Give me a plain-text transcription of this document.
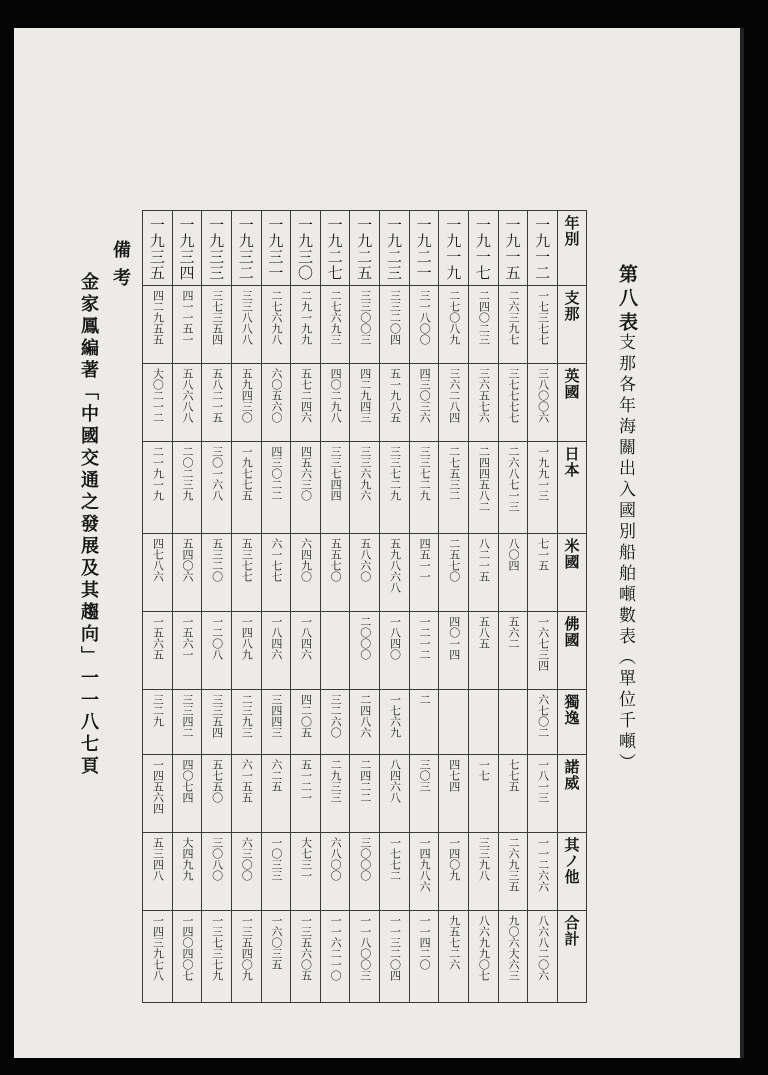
第八表
支那各年海關出入國別船舶噸數表（單位千噸）
一九三五	一九三四	一九三三	一九三二	一九三一	一九三〇	一九二七	一九二五	一九二三	一九二一	一九一九	一九一七	一九一五	一九一二	年別
四二九五五	四一一五一	三七三五四	三三八八八	二七六九八	二九一九九	二七六九三	三三〇〇三	三三二〇四	三一八〇〇	二七〇八九	二四〇二三	二六三九七	一七三七七	支那
大〇二一二	五八六八八	五八二一五	五九四三〇	六〇五六〇	五七二四六	四〇二九八	四二九四三	五一九八五	四三〇三六	三六二八四	三六五七六	三七七七七	三八〇〇六	英國
二一九一九	二〇二三九	三〇一六八	一九七七五	四三〇二二	四五六三〇	三三七四四	三三六九六	三三七二九	三三七二九	二七五三二	二四四五八二	二六八七一三	一九九一三	日本
四七八六	五四〇六	五三二〇	五三七七	六一七七	六四九〇	五五七〇	五八六〇	五九八六八	四五一一	二五七〇	八二一五	八〇四	七一五	米國
一五六五	一五六一	一二〇八	一四八九	一八四六	一八四六		二〇〇〇	一八四〇	一二一二	四〇一四	五八五	五六二	一六七三四	佛國
三二九	三三四二	三三五四	二三九三	三四四三	四二〇五	三二六〇	二四八六	一七六九	二				六七〇二	獨逸
一四五六四	四〇七四	五七五〇	六一五五	六二五	五一二一	二九三三	二四二二	八四六八	三〇三	四七四	一七	七七五	一八一三	諾威
五三四八	大四九九	三〇八〇	六三〇〇	一〇三三	大七三一	六八〇〇	三〇〇〇	一七七二	一四九八六	一四〇九	三三九八	二六九三五	一一二六六	其ノ他
一四三九七八	一四〇四〇七	一三七三七九	一三五四〇九	一六〇三五	一三五六〇五	一一六二一〇	一一八〇〇三	一一三二〇四	一一四二〇	九五七二六	八六九九〇七	九〇六大六三	八六八二〇六	合計
備考
金家鳳編著「中國交通之發展及其趨向」一一八七頁
